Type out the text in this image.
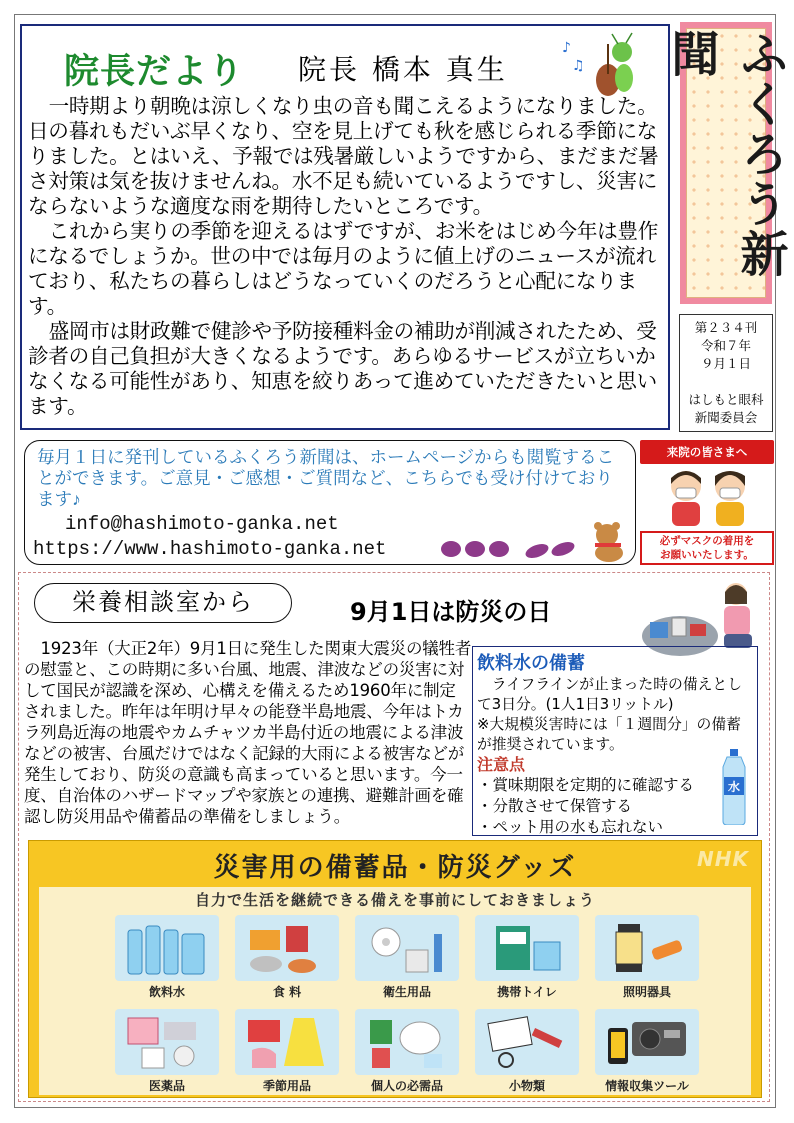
院長だより 院長 橋本 真生
♪
♫

一時期より朝晩は涼しくなり虫の音も聞こえるようになりました。日の暮れもだいぶ早くなり、空を見上げても秋を感じられる季節になりました。とはいえ、予報では残暑厳しいようですから、まだまだ暑さ対策は気を抜けませんね。水不足も続いているようですし、災害にならないような適度な雨を期待したいところです。

これから実りの季節を迎えるはずですが、お米をはじめ今年は豊作になるでしょうか。世の中では毎月のように値上げのニュースが流れており、私たちの暮らしはどうなっていくのだろうと心配になります。

盛岡市は財政難で健診や予防接種料金の補助が削減されたため、受診者の自己負担が大きくなるようです。あらゆるサービスが立ちいかなくなる可能性があり、知恵を絞りあって進めていただきたいと思います。

ふくろう新聞
第２３４刊
令和７年
９月１日
はしもと眼科
新聞委員会
毎月１日に発刊しているふくろう新聞は、ホームページからも閲覧することができます。ご意見・ご感想・ご質問など、こちらでも受け付けております♪
info@hashimoto-ganka.net
https://www.hashimoto-ganka.net
来院の皆さまへ
必ずマスクの着用を
お願いいたします。
栄養相談室から	9月1日は防災の日
1923年（大正2年）9月1日に発生した関東大震災の犠牲者の慰霊と、この時期に多い台風、地震、津波などの災害に対して国民が認識を深め、心構えを備えるため1960年に制定されました。昨年は年明け早々の能登半島地震、今年はトカラ列島近海の地震やカムチャツカ半島付近の地震による津波などの被害、台風だけではなく記録的大雨による被害などが発生しており、防災の意識も高まっていると思います。今一度、自治体のハザードマップや家族との連携、避難計画を確認し防災用品や備蓄品の準備をしましょう。
飲料水の備蓄
ライフラインが止まった時の備えとして3日分。(1人1日3リットル)
※大規模災害時には「１週間分」の備蓄が推奨されています。
注意点
・賞味期限を定期的に確認する
・分散させて保管する
・ペット用の水も忘れない
水
災害用の備蓄品・防災グッズ	NHK
自力で生活を継続できる備えを事前にしておきましょう
飲料水	食 料	衛生用品	携帯トイレ	照明器具
医薬品	季節用品	個人の必需品	小物類	情報収集ツール
